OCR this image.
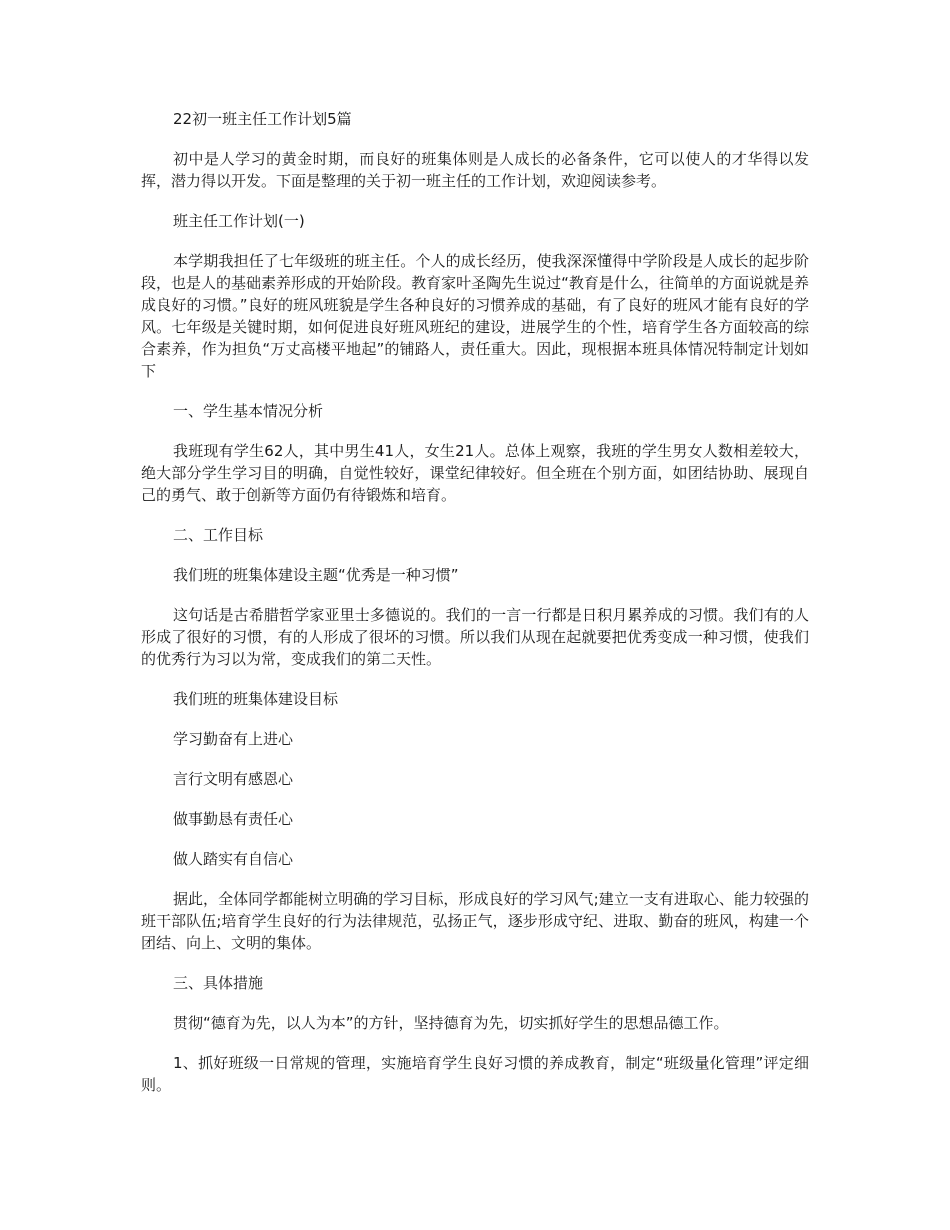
22初一班主任工作计划5篇

初中是人学习的黄金时期，而良好的班集体则是人成长的必备条件，它可以使人的才华得以发挥，潜力得以开发。下面是整理的关于初一班主任的工作计划，欢迎阅读参考。

班主任工作计划(一)

本学期我担任了七年级班的班主任。个人的成长经历，使我深深懂得中学阶段是人成长的起步阶段，也是人的基础素养形成的开始阶段。教育家叶圣陶先生说过“教育是什么，往简单的方面说就是养成良好的习惯。”良好的班风班貌是学生各种良好的习惯养成的基础，有了良好的班风才能有良好的学风。七年级是关键时期，如何促进良好班风班纪的建设，进展学生的个性，培育学生各方面较高的综合素养，作为担负“万丈高楼平地起”的铺路人，责任重大。因此，现根据本班具体情况特制定计划如下

一、学生基本情况分析

我班现有学生62人，其中男生41人，女生21人。总体上观察，我班的学生男女人数相差较大，绝大部分学生学习目的明确，自觉性较好，课堂纪律较好。但全班在个别方面，如团结协助、展现自己的勇气、敢于创新等方面仍有待锻炼和培育。

二、工作目标

我们班的班集体建设主题“优秀是一种习惯”

这句话是古希腊哲学家亚里士多德说的。我们的一言一行都是日积月累养成的习惯。我们有的人形成了很好的习惯，有的人形成了很坏的习惯。所以我们从现在起就要把优秀变成一种习惯，使我们的优秀行为习以为常，变成我们的第二天性。

我们班的班集体建设目标

学习勤奋有上进心

言行文明有感恩心

做事勤恳有责任心

做人踏实有自信心

据此，全体同学都能树立明确的学习目标，形成良好的学习风气;建立一支有进取心、能力较强的班干部队伍;培育学生良好的行为法律规范，弘扬正气，逐步形成守纪、进取、勤奋的班风，构建一个团结、向上、文明的集体。

三、具体措施

贯彻“德育为先，以人为本”的方针，坚持德育为先，切实抓好学生的思想品德工作。

1、抓好班级一日常规的管理，实施培育学生良好习惯的养成教育，制定“班级量化管理”评定细则。
